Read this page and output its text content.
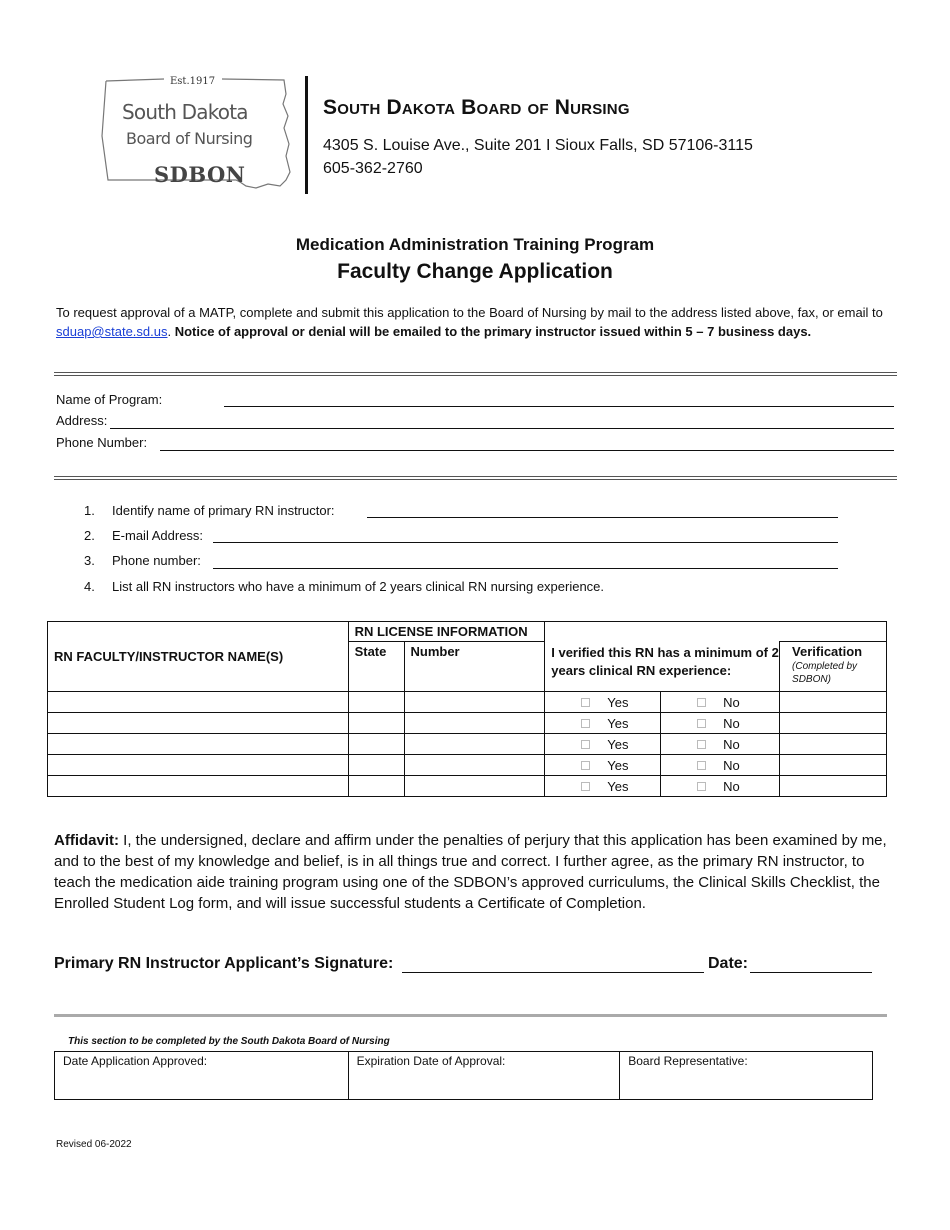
Est.1917
South Dakota
Board of Nursing
SDBON
South Dakota Board of Nursing
4305 S. Louise Ave., Suite 201 I Sioux Falls, SD 57106-3115
605-362-2760
Medication Administration Training Program
Faculty Change Application
To request approval of a MATP, complete and submit this application to the Board of Nursing by mail to the address listed above, fax, or email to sduap@state.sd.us. Notice of approval or denial will be emailed to the primary instructor issued within 5 – 7 business days.
Name of Program:
Address:
Phone Number:
1. Identify name of primary RN instructor:
2. E-mail Address:
3. Phone number:
4. List all RN instructors who have a minimum of 2 years clinical RN nursing experience.
RN FACULTY/INSTRUCTOR NAME(S)	RN LICENSE INFORMATION				
	State	Number	I verified this RN has a minimum of 2 years clinical RN experience:		Verification
(Completed by SDBON)

			Yes	No	

			Yes	No	

			Yes	No	

			Yes	No	

			Yes	No	

Affidavit: I, the undersigned, declare and affirm under the penalties of perjury that this application has been examined by me, and to the best of my knowledge and belief, is in all things true and correct. I further agree, as the primary RN instructor, to teach the medication aide training program using one of the SDBON’s approved curriculums, the Clinical Skills Checklist, the Enrolled Student Log form, and will issue successful students a Certificate of Completion.
Primary RN Instructor Applicant’s Signature:	Date:
This section to be completed by the South Dakota Board of Nursing
Date Application Approved:	Expiration Date of Approval:	Board Representative:
Revised 06-2022
